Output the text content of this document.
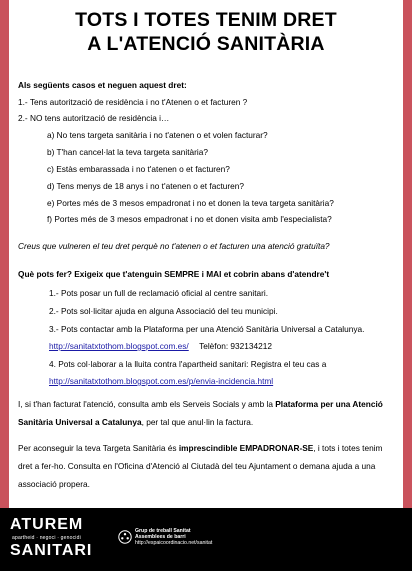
TOTS I TOTES TENIM DRET
A L'ATENCIÓ SANITÀRIA
Als següents casos et neguen aquest dret:
1.- Tens autorització de residència i no t'Atenen o et facturen ?
2.- NO tens autorització de residència i…
a) No tens targeta sanitària i no t'atenen o et volen facturar?
b) T'han cancel·lat la teva targeta sanitària?
c) Estàs embarassada i no t'atenen o et facturen?
d) Tens menys de 18 anys i no t'atenen o et facturen?
e) Portes més de 3 mesos empadronat i no et donen la teva targeta sanitària?
f) Portes més de 3 mesos empadronat i no et donen visita amb l'especialista?
Creus que vulneren el teu dret perquè no t'atenen o et facturen una atenció gratuïta?
Què pots fer? Exigeix que t'atenguin SEMPRE i MAI et cobrin abans d'atendre't
1.- Pots posar un full de reclamació oficial al centre sanitari.
2.- Pots sol·licitar ajuda en alguna Associació del teu municipi.
3.- Pots contactar amb la Plataforma per una Atenció Sanitària Universal a Catalunya.
http://sanitatxtothom.blogspot.com.es/ Telèfon: 932134212
4. Pots col·laborar a la lluita contra l'apartheid sanitari: Registra el teu cas a
http://sanitatxtothom.blogspot.com.es/p/envia-incidencia.html
I, si t'han facturat l'atenció, consulta amb els Serveis Socials y amb la Plataforma per una Atenció Sanitària Universal a Catalunya, per tal que anul·lin la factura.
Per aconseguir la teva Targeta Sanitària és imprescindible EMPADRONAR-SE, i tots i totes tenim dret a fer-ho. Consulta en l'Oficina d'Atenció al Ciutadà del teu Ajuntament o demana ajuda a una associació propera.
ATUREM
apartheid · negoci · genocidi
SANITARI
Grup de treball Sanitat
Assemblees de barri
http://espaicoordinacio.net/sanitat
